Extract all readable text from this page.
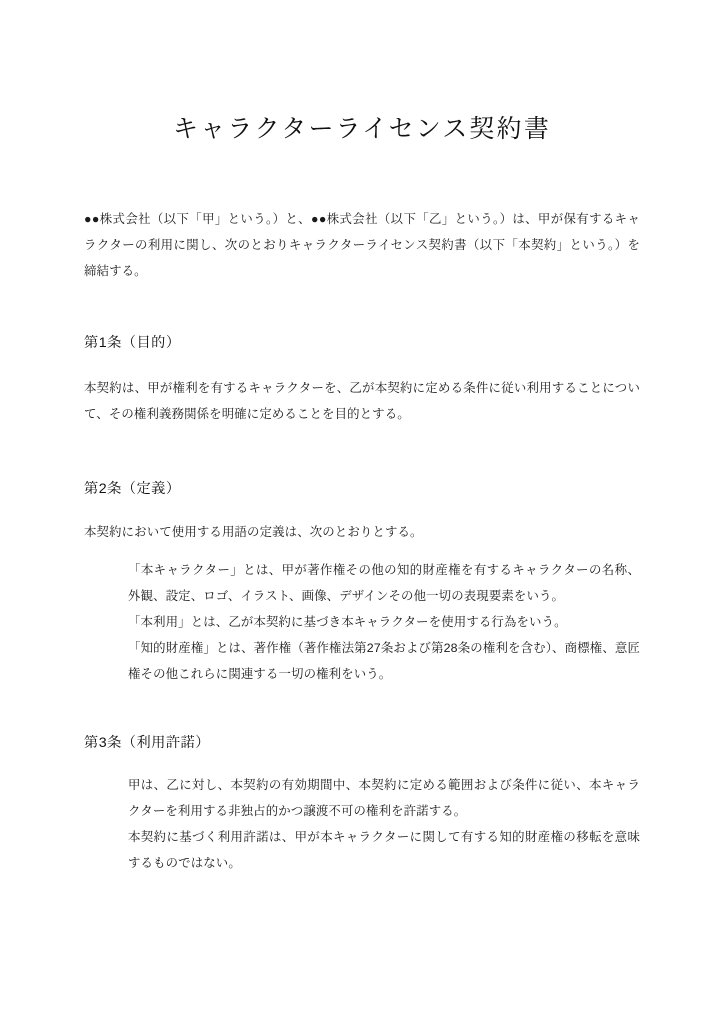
キャラクターライセンス契約書

●●株式会社（以下「甲」という。）と、●●株式会社（以下「乙」という。）は、甲が保有するキャラクターの利用に関し、次のとおりキャラクターライセンス契約書（以下「本契約」という。）を締結する。

第1条（目的）

本契約は、甲が権利を有するキャラクターを、乙が本契約に定める条件に従い利用することについて、その権利義務関係を明確に定めることを目的とする。

第2条（定義）

本契約において使用する用語の定義は、次のとおりとする。

「本キャラクター」とは、甲が著作権その他の知的財産権を有するキャラクターの名称、外観、設定、ロゴ、イラスト、画像、デザインその他一切の表現要素をいう。

「本利用」とは、乙が本契約に基づき本キャラクターを使用する行為をいう。

「知的財産権」とは、著作権（著作権法第27条および第28条の権利を含む）、商標権、意匠権その他これらに関連する一切の権利をいう。

第3条（利用許諾）

甲は、乙に対し、本契約の有効期間中、本契約に定める範囲および条件に従い、本キャラクターを利用する非独占的かつ譲渡不可の権利を許諾する。

本契約に基づく利用許諾は、甲が本キャラクターに関して有する知的財産権の移転を意味するものではない。
